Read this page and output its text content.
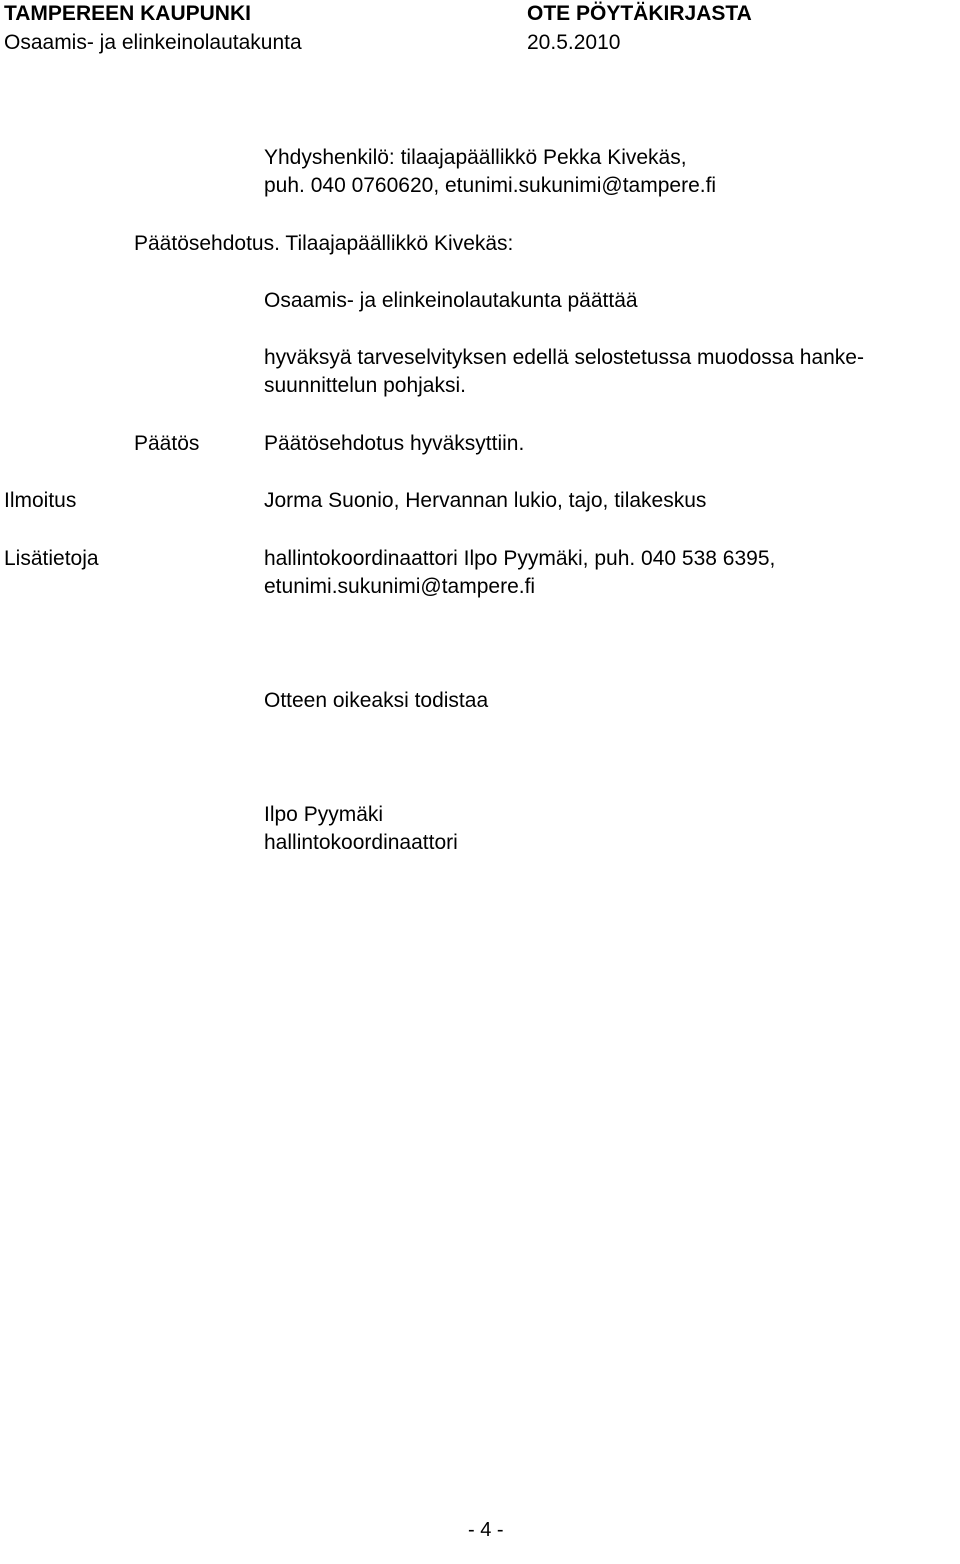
TAMPEREEN KAUPUNKI	OTE PÖYTÄKIRJASTA
Osaamis- ja elinkeinolautakunta	20.5.2010
Yhdyshenkilö: tilaajapäällikkö Pekka Kivekäs,
puh. 040 0760620, etunimi.sukunimi@tampere.fi
Päätösehdotus. Tilaajapäällikkö Kivekäs:
Osaamis- ja elinkeinolautakunta päättää
hyväksyä tarveselvityksen edellä selostetussa muodossa hanke-
suunnittelun pohjaksi.
Päätös	Päätösehdotus hyväksyttiin.
Ilmoitus	Jorma Suonio, Hervannan lukio, tajo, tilakeskus
Lisätietoja	hallintokoordinaattori Ilpo Pyymäki, puh. 040 538 6395,
etunimi.sukunimi@tampere.fi
Otteen oikeaksi todistaa
Ilpo Pyymäki
hallintokoordinaattori
- 4 -
